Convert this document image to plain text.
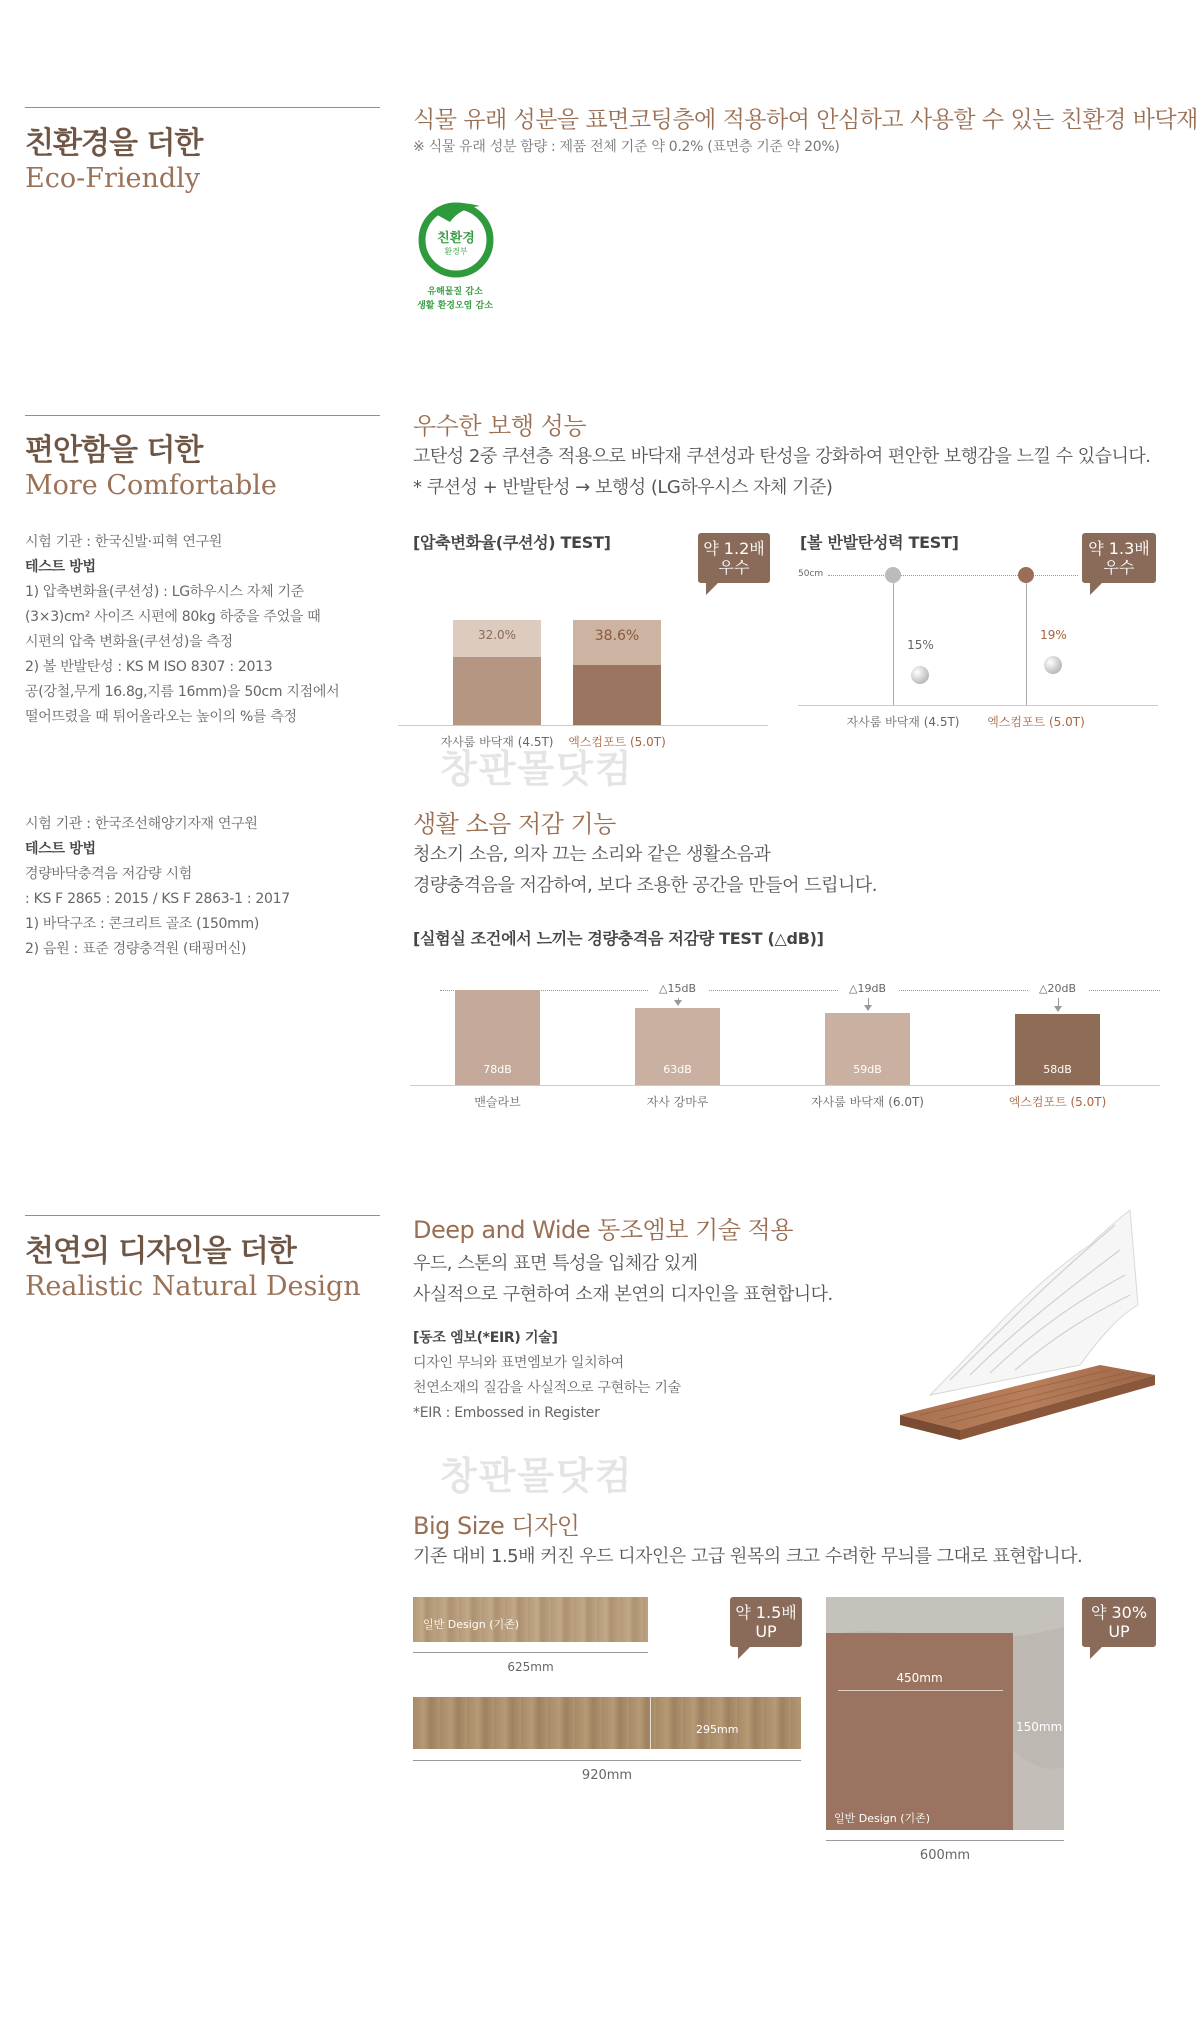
친환경을 더한
Eco-Friendly
식물 유래 성분을 표면코팅층에 적용하여 안심하고 사용할 수 있는 친환경 바닥재
※ 식물 유래 성분 함량 : 제품 전체 기준 약 0.2% (표면층 기준 약 20%)
친환경
환경부
유해물질 감소
생활 환경오염 감소
편안함을 더한
More Comfortable
시험 기관 : 한국신발·피혁 연구원
테스트 방법
1) 압축변화율(쿠션성) : LG하우시스 자체 기준
(3×3)cm² 사이즈 시편에 80kg 하중을 주었을 때
시편의 압축 변화율(쿠션성)을 측정
2) 볼 반발탄성 : KS M ISO 8307 : 2013
공(강철,무게 16.8g,지름 16mm)을 50cm 지점에서
떨어뜨렸을 때 튀어올라오는 높이의 %를 측정
시험 기관 : 한국조선해양기자재 연구원
테스트 방법
경량바닥충격음 저감량 시험
: KS F 2865 : 2015 / KS F 2863-1 : 2017
1) 바닥구조 : 콘크리트 골조 (150mm)
2) 음원 : 표준 경량충격원 (태핑머신)
우수한 보행 성능
고탄성 2중 쿠션층 적용으로 바닥재 쿠션성과 탄성을 강화하여 편안한 보행감을 느낄 수 있습니다.
* 쿠션성 + 반발탄성 → 보행성 (LG하우시스 자체 기준)
[압축변화율(쿠션성) TEST]	약 1.2배
우수
32.0%
자사룸 바닥재 (4.5T)
38.6%
엑스컴포트 (5.0T)
[볼 반발탄성력 TEST]	약 1.3배
우수
50cm
15%
자사룸 바닥재 (4.5T)
19%
엑스컴포트 (5.0T)
창판몰닷컴
생활 소음 저감 기능
청소기 소음, 의자 끄는 소리와 같은 생활소음과
경량충격음을 저감하여, 보다 조용한 공간을 만들어 드립니다.
[실험실 조건에서 느끼는 경량충격음 저감량 TEST (△dB)]
78dB
맨슬라브
63dB
자사 강마루
△15dB
59dB
자사룸 바닥재 (6.0T)
△19dB
58dB
엑스컴포트 (5.0T)
△20dB
천연의 디자인을 더한
Realistic Natural Design
Deep and Wide 동조엠보 기술 적용
우드, 스톤의 표면 특성을 입체감 있게
사실적으로 구현하여 소재 본연의 디자인을 표현합니다.
[동조 엠보(*EIR) 기술]
디자인 무늬와 표면엠보가 일치하여
천연소재의 질감을 사실적으로 구현하는 기술
*EIR : Embossed in Register
창판몰닷컴
Big Size 디자인
기존 대비 1.5배 커진 우드 디자인은 고급 원목의 크고 수려한 무늬를 그대로 표현합니다.
약 1.5배
UP
일반 Design (기존)
625mm
295mm
920mm
450mm
일반 Design (기존)
150mm
약 30%
UP
600mm
